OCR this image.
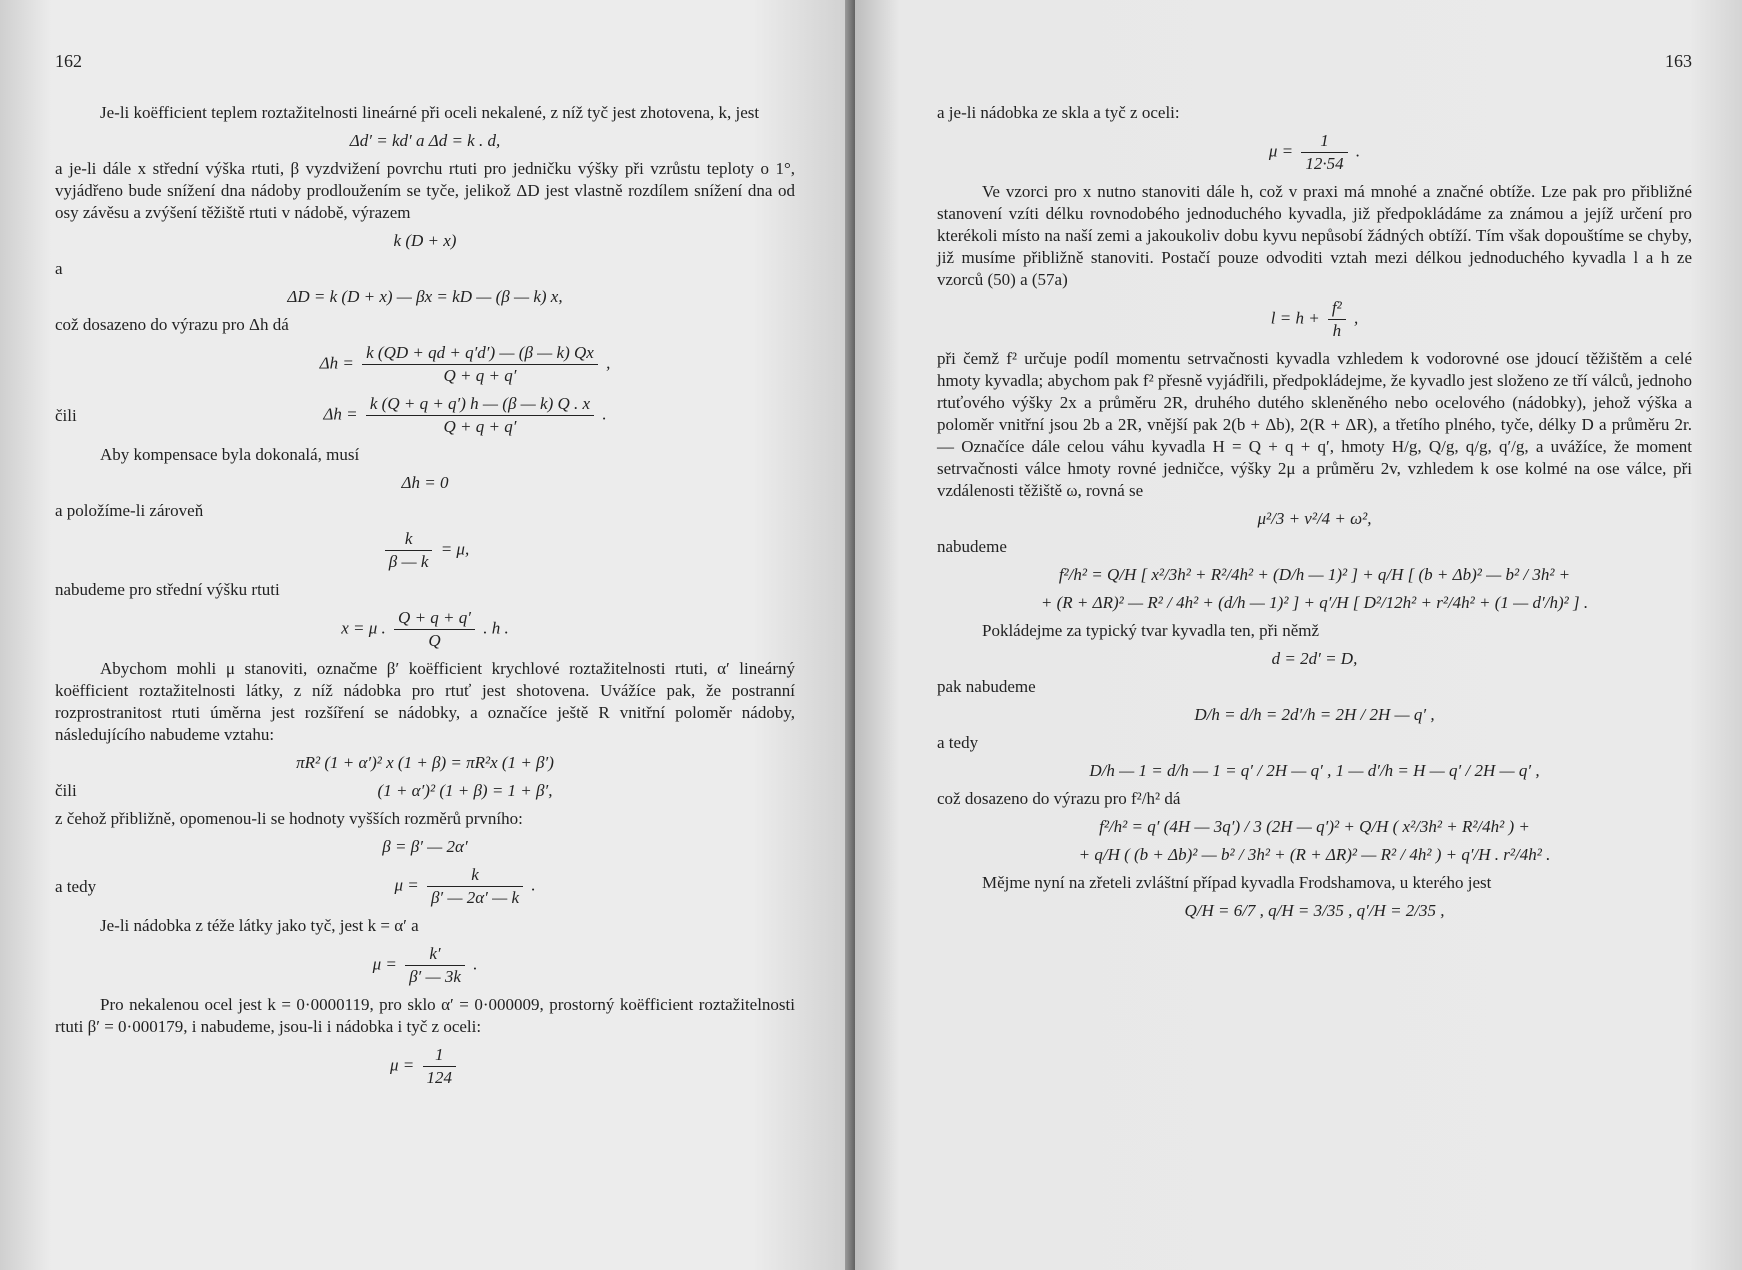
162

Je-li koëfficient teplem roztažitelnosti lineárné při oceli nekalené, z níž tyč jest zhotovena, k, jest

Δd′ = kd′ a Δd = k . d,

a je-li dále x střední výška rtuti, β vyzdvižení povrchu rtuti pro jedničku výšky při vzrůstu teploty o 1°, vyjádřeno bude snížení dna nádoby prodloužením se tyče, jelikož ΔD jest vlastně rozdílem snížení dna od osy závěsu a zvýšení těžiště rtuti v nádobě, výrazem

k (D + x)
a
ΔD = k (D + x) — βx = kD — (β — k) x,

což dosazeno do výrazu pro Δh dá

$\Delta h = \frac{k (QD + qd + q'd') — (\beta — k) Qx}{Q + q + q'}$ ,
čili	$\Delta h = \frac{k (Q + q + q') h — (\beta — k) Q . x}{Q + q + q'}$ .

Aby kompensace byla dokonalá, musí

Δh = 0

a položíme-li zároveň

$\frac{k}{\beta — k} = \mu$,

nabudeme pro střední výšku rtuti

x = μ . $\frac{Q + q + q'}{Q}$ . h .

Abychom mohli μ stanoviti, označme β′ koëfficient krychlové roztažitelnosti rtuti, α′ lineárný koëfficient roztažitelnosti látky, z níž nádobka pro rtuť jest shotovena. Uvážíce pak, že postranní rozprostranitost rtuti úměrna jest rozšíření se nádobky, a označíce ještě R vnitřní poloměr nádoby, následujícího nabudeme vztahu:

πR² (1 + α′)² x (1 + β) = πR²x (1 + β′)
čili	(1 + α′)² (1 + β) = 1 + β′,

z čehož přibližně, opomenou-li se hodnoty vyšších rozměrů prvního:

β = β′ — 2α′
a tedy	$\mu = \frac{k}{\beta' — 2\alpha' — k}$ .

Je-li nádobka z téže látky jako tyč, jest k = α′ a

$\mu = \frac{k'}{\beta' — 3k}$ .

Pro nekalenou ocel jest k = 0·0000119, pro sklo α′ = 0·000009, prostorný koëfficient roztažitelnosti rtuti β′ = 0·000179, i nabudeme, jsou-li i nádobka i tyč z oceli:

$\mu = \frac{1}{124}$
163

a je-li nádobka ze skla a tyč z oceli:

$\mu = \frac{1}{12\cdot 54}$ .

Ve vzorci pro x nutno stanoviti dále h, což v praxi má mnohé a značné obtíže. Lze pak pro přibližné stanovení vzíti délku rovnodobého jednoduchého kyvadla, již předpokládáme za známou a jejíž určení pro kterékoli místo na naší zemi a jakoukoliv dobu kyvu nepůsobí žádných obtíží. Tím však dopouštíme se chyby, již musíme přibližně stanoviti. Postačí pouze odvoditi vztah mezi délkou jednoduchého kyvadla l a h ze vzorců (50) a (57a)

$l = h + \frac{\text{f²}}{h}$ ,

při čemž f² určuje podíl momentu setrvačnosti kyvadla vzhledem k vodorovné ose jdoucí těžištěm a celé hmoty kyvadla; abychom pak f² přesně vyjádřili, předpokládejme, že kyvadlo jest složeno ze tří válců, jednoho rtuťového výšky 2x a průměru 2R, druhého dutého skleněného nebo ocelového (nádobky), jehož výška a poloměr vnitřní jsou 2b a 2R, vnější pak 2(b + Δb), 2(R + ΔR), a třetího plného, tyče, délky D a průměru 2r. — Označíce dále celou váhu kyvadla H = Q + q + q′, hmoty H/g, Q/g, q/g, q′/g, a uvážíce, že moment setrvačnosti válce hmoty rovné jedničce, výšky 2μ a průměru 2v, vzhledem k ose kolmé na ose válce, při vzdálenosti těžiště ω, rovná se

μ²/3 + v²/4 + ω²,

nabudeme

f²/h² = Q/H [ x²/3h² + R²/4h² + (D/h — 1)² ] + q/H [ (b + Δb)² — b² / 3h² +
+ (R + ΔR)² — R² / 4h² + (d/h — 1)² ] + q′/H [ D²/12h² + r²/4h² + (1 — d′/h)² ] .

Pokládejme za typický tvar kyvadla ten, při němž

d = 2d′ = D,

pak nabudeme

D/h = d/h = 2d′/h = 2H / 2H — q′ ,
a tedy
D/h — 1 = d/h — 1 = q′ / 2H — q′ , 1 — d′/h = H — q′ / 2H — q′ ,

což dosazeno do výrazu pro f²/h² dá

f²/h² = q′ (4H — 3q′) / 3 (2H — q′)² + Q/H ( x²/3h² + R²/4h² ) +
+ q/H ( (b + Δb)² — b² / 3h² + (R + ΔR)² — R² / 4h² ) + q′/H . r²/4h² .

Mějme nyní na zřeteli zvláštní případ kyvadla Frodshamova, u kterého jest

Q/H = 6/7 , q/H = 3/35 , q′/H = 2/35 ,
